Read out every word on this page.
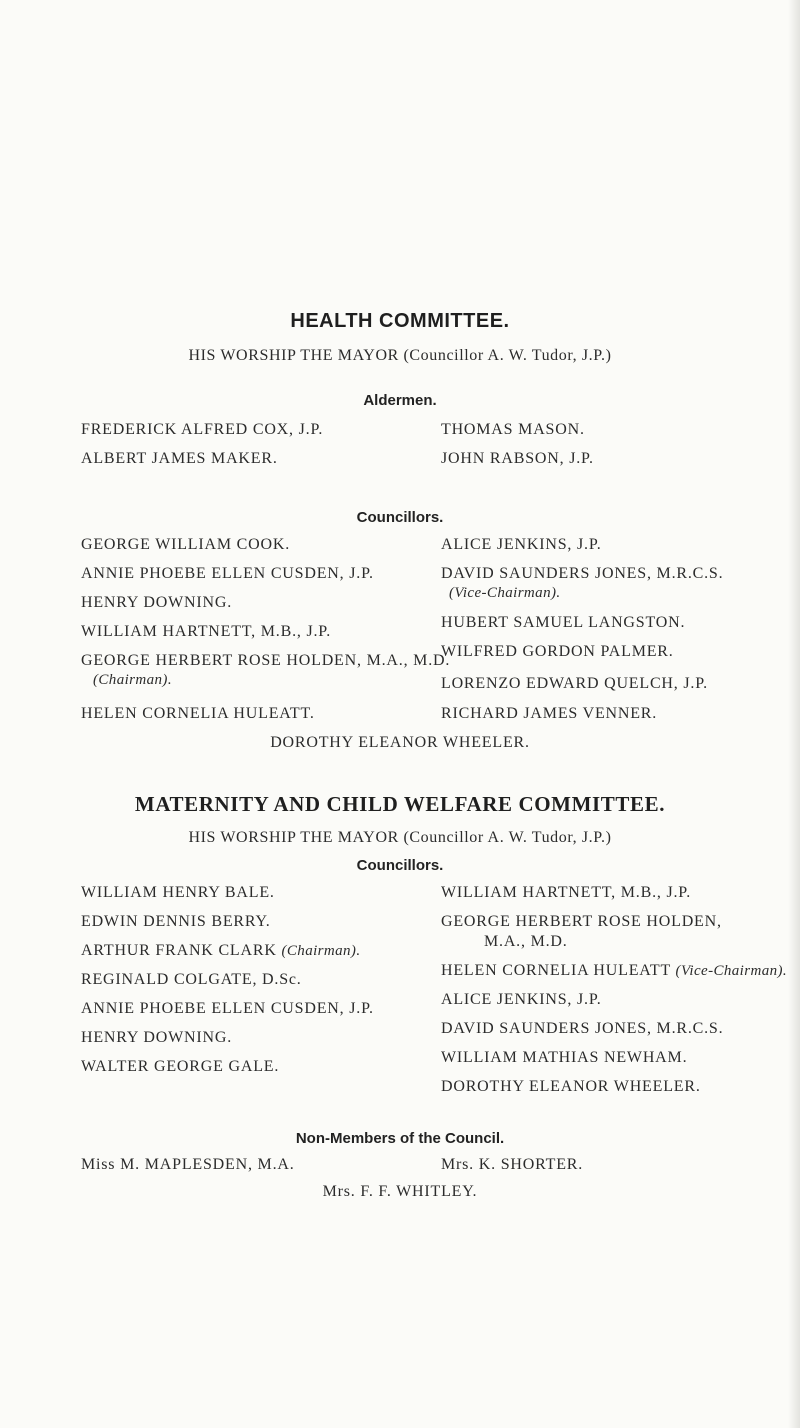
HEALTH COMMITTEE.
HIS WORSHIP THE MAYOR (Councillor A. W. Tudor, J.P.)
Aldermen.
FREDERICK ALFRED COX, J.P.
ALBERT JAMES MAKER.
THOMAS MASON.
JOHN RABSON, J.P.
Councillors.
GEORGE WILLIAM COOK.
ANNIE PHOEBE ELLEN CUSDEN, J.P.
HENRY DOWNING.
WILLIAM HARTNETT, M.B., J.P.
GEORGE HERBERT ROSE HOLDEN, M.A., M.D.
(Chairman).
HELEN CORNELIA HULEATT.
ALICE JENKINS, J.P.
DAVID SAUNDERS JONES, M.R.C.S.
(Vice-Chairman).
HUBERT SAMUEL LANGSTON.
WILFRED GORDON PALMER.
LORENZO EDWARD QUELCH, J.P.
RICHARD JAMES VENNER.
DOROTHY ELEANOR WHEELER.
MATERNITY AND CHILD WELFARE COMMITTEE.
HIS WORSHIP THE MAYOR (Councillor A. W. Tudor, J.P.)
Councillors.
WILLIAM HENRY BALE.
EDWIN DENNIS BERRY.
ARTHUR FRANK CLARK (Chairman).
REGINALD COLGATE, D.Sc.
ANNIE PHOEBE ELLEN CUSDEN, J.P.
HENRY DOWNING.
WALTER GEORGE GALE.
WILLIAM HARTNETT, M.B., J.P.
GEORGE HERBERT ROSE HOLDEN,
M.A., M.D.
HELEN CORNELIA HULEATT (Vice-Chairman).
ALICE JENKINS, J.P.
DAVID SAUNDERS JONES, M.R.C.S.
WILLIAM MATHIAS NEWHAM.
DOROTHY ELEANOR WHEELER.
Non-Members of the Council.
Miss M. MAPLESDEN, M.A.	Mrs. K. SHORTER.
Mrs. F. F. WHITLEY.
